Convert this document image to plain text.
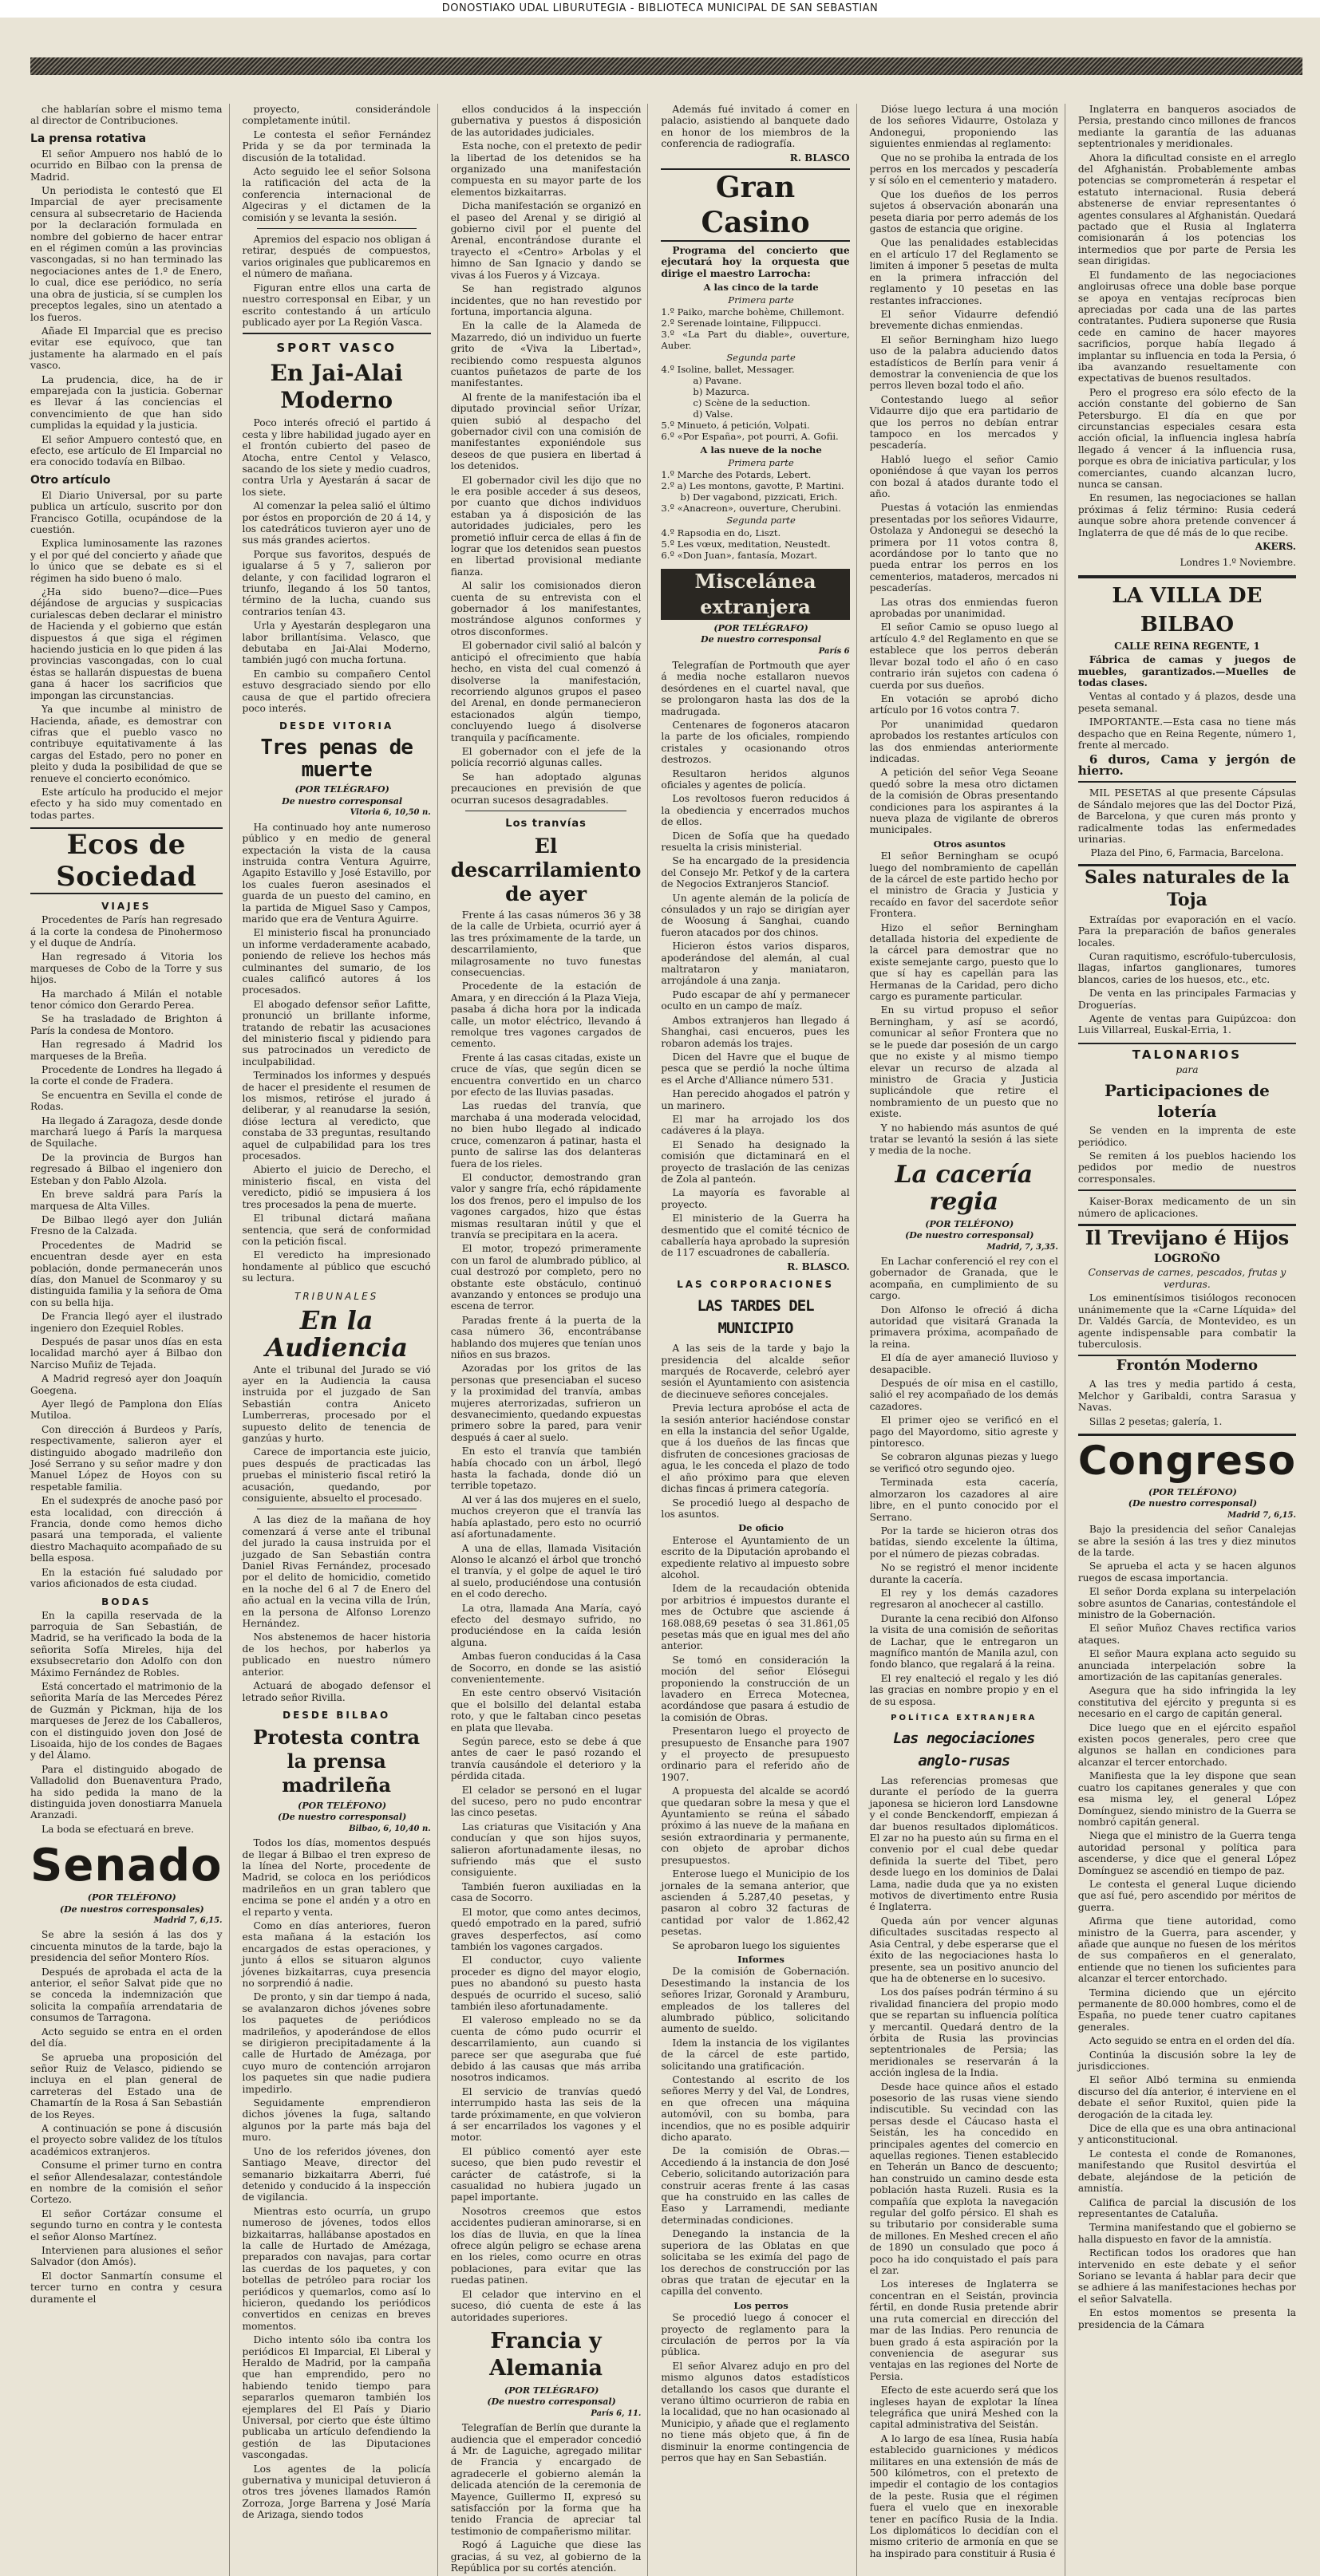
DONOSTIAKO UDAL LIBURUTEGIA - BIBLIOTECA MUNICIPAL DE SAN SEBASTIAN

che hablarían sobre el mismo tema al director de Contribuciones.

La prensa rotativa

El señor Ampuero nos habló de lo ocurrido en Bilbao con la prensa de Madrid.

Un periodista le contestó que El Imparcial de ayer precisamente censura al subsecretario de Hacienda por la declaración formulada en nombre del gobierno de hacer entrar en el régimen común a las provincias vascongadas, si no han terminado las negociaciones antes de 1.º de Enero, lo cual, dice ese periódico, no sería una obra de justicia, sí se cumplen los preceptos legales, sino un atentado a los fueros.

Añade El Imparcial que es preciso evitar ese equívoco, que tan justamente ha alarmado en el país vasco.

La prudencia, dice, ha de ir emparejada con la justicia. Gobernar es llevar á las conciencias el convencimiento de que han sido cumplidas la equidad y la justicia.

El señor Ampuero contestó que, en efecto, ese artículo de El Imparcial no era conocido todavía en Bilbao.

Otro artículo

El Diario Universal, por su parte publica un artículo, suscrito por don Francisco Gotilla, ocupándose de la cuestión.

Explica luminosamente las razones y el por qué del concierto y añade que lo único que se debate es si el régimen ha sido bueno ó malo.

¿Ha sido bueno?—dice—Pues déjándose de argucias y suspicacias curialescas deben declarar el ministro de Hacienda y el gobierno que están dispuestos á que siga el régimen haciendo justicia en lo que piden á las provincias vascongadas, con lo cual éstas se hallarán dispuestas de buena gana á hacer los sacrificios que impongan las circunstancias.

Ya que incumbe al ministro de Hacienda, añade, es demostrar con cifras que el pueblo vasco no contribuye equitativamente á las cargas del Estado, pero no poner en pleito y duda la posibilidad de que se renueve el concierto económico.

Este artículo ha producido el mejor efecto y ha sido muy comentado en todas partes.

Ecos de Sociedad
VIAJES

Procedentes de París han regresado á la corte la condesa de Pinohermoso y el duque de Andría.

Han regresado á Vitoria los marqueses de Cobo de la Torre y sus hijos.

Ha marchado á Milán el notable tenor cómico don Gerardo Perea.

Se ha trasladado de Brighton á París la condesa de Montoro.

Han regresado á Madrid los marqueses de la Breña.

Procedente de Londres ha llegado á la corte el conde de Fradera.

Se encuentra en Sevilla el conde de Rodas.

Ha llegado á Zaragoza, desde donde marchará luego á París la marquesa de Squilache.

De la provincia de Burgos han regresado á Bilbao el ingeniero don Esteban y don Pablo Alzola.

En breve saldrá para París la marquesa de Alta Villes.

De Bilbao llegó ayer don Julián Fresno de la Calzada.

Procedentes de Madrid se encuentran desde ayer en esta población, donde permanecerán unos días, don Manuel de Sconmaroy y su distinguida familia y la señora de Oma con su bella hija.

De Francia llegó ayer el ilustrado ingeniero don Ezequiel Robles.

Después de pasar unos días en esta localidad marchó ayer á Bilbao don Narciso Muñiz de Tejada.

A Madrid regresó ayer don Joaquín Goegena.

Ayer llegó de Pamplona don Elías Mutiloa.

Con dirección á Burdeos y París, respectivamente, salieron ayer el distinguido abogado madrileño don José Serrano y su señor madre y don Manuel López de Hoyos con su respetable familia.

En el sudexprés de anoche pasó por esta localidad, con dirección á Francia, donde como hemos dicho pasará una temporada, el valiente diestro Machaquito acompañado de su bella esposa.

En la estación fué saludado por varios aficionados de esta ciudad.

BODAS

En la capilla reservada de la parroquia de San Sebastián, de Madrid, se ha verificado la boda de la señorita Sofía Mireles, hija del exsubsecretario don Adolfo con don Máximo Fernández de Robles.

Está concertado el matrimonio de la señorita María de las Mercedes Pérez de Guzmán y Pickman, hija de los marqueses de Jerez de los Caballeros, con el distinguido joven don José de Lisoaida, hijo de los condes de Bagaes y del Álamo.

Para el distinguido abogado de Valladolid don Buenaventura Prado, ha sido pedida la mano de la distinguida joven donostiarra Manuela Aranzadi.

La boda se efectuará en breve.

Senado

(POR TELÉFONO)

(De nuestros corresponsales)

Madrid 7, 6,15.

Se abre la sesión á las dos y cincuenta minutos de la tarde, bajo la presidencia del señor Montero Ríos.

Después de aprobada el acta de la anterior, el señor Salvat pide que no se conceda la indemnización que solicita la compañía arrendataria de consumos de Tarragona.

Acto seguido se entra en el orden del día.

Se aprueba una proposición del señor Ruiz de Velasco, pidiendo se incluya en el plan general de carreteras del Estado una de Chamartín de la Rosa á San Sebastián de los Reyes.

A continuación se pone á discusión el proyecto sobre validez de los títulos académicos extranjeros.

Consume el primer turno en contra el señor Allendesalazar, contestándole en nombre de la comisión el señor Cortezo.

El señor Cortázar consume el segundo turno en contra y le contesta el señor Alonso Martínez.

Intervienen para alusiones el señor Salvador (don Amós).

El doctor Sanmartín consume el tercer turno en contra y cesura duramente el

proyecto, considerándole completamente inútil.

Le contesta el señor Fernández Prida y se da por terminada la discusión de la totalidad.

Acto seguido lee el señor Solsona la ratificación del acta de la conferencia internacional de Algeciras y el dictamen de la comisión y se levanta la sesión.

Apremios del espacio nos obligan á retirar, después de compuestos, varios originales que publicaremos en el número de mañana.

Figuran entre ellos una carta de nuestro corresponsal en Eibar, y un escrito contestando á un artículo publicado ayer por La Región Vasca.

SPORT VASCO
En Jai-Alai Moderno

Poco interés ofreció el partido á cesta y libre habilidad jugado ayer en el frontón cubierto del paseo de Atocha, entre Centol y Velasco, sacando de los siete y medio cuadros, contra Urla y Ayestarán á sacar de los siete.

Al comenzar la pelea salió el último por éstos en proporción de 20 á 14, y los catedráticos tuvieron ayer uno de sus más grandes aciertos.

Porque sus favoritos, después de igualarse á 5 y 7, salieron por delante, y con facilidad lograron el triunfo, llegando á los 50 tantos, término de la lucha, cuando sus contrarios tenían 43.

Urla y Ayestarán desplegaron una labor brillantísima. Velasco, que debutaba en Jai-Alai Moderno, también jugó con mucha fortuna.

En cambio su compañero Centol estuvo desgraciado siendo por ello causa de que el partido ofreciera poco interés.

DESDE VITORIA
Tres penas de muerte

(POR TELÉGRAFO)

De nuestro corresponsal

Vitoria 6, 10,50 n.

Ha continuado hoy ante numeroso público y en medio de general expectación la vista de la causa instruida contra Ventura Aguirre, Agapito Estavillo y José Estavillo, por los cuales fueron asesinados el guarda de un puesto del camino, en la partida de Miguel Saso y Campos, marido que era de Ventura Aguirre.

El ministerio fiscal ha pronunciado un informe verdaderamente acabado, poniendo de relieve los hechos más culminantes del sumario, de los cuales calificó autores á los procesados.

El abogado defensor señor Lafitte, pronunció un brillante informe, tratando de rebatir las acusaciones del ministerio fiscal y pidiendo para sus patrocinados un veredicto de inculpabilidad.

Terminados los informes y después de hacer el presidente el resumen de los mismos, retiróse el jurado á deliberar, y al reanudarse la sesión, dióse lectura al veredicto, que constaba de 33 preguntas, resultando aquel de culpabilidad para los tres procesados.

Abierto el juicio de Derecho, el ministerio fiscal, en vista del veredicto, pidió se impusiera á los tres procesados la pena de muerte.

El tribunal dictará mañana sentencia, que será de conformidad con la petición fiscal.

El veredicto ha impresionado hondamente al público que escuchó su lectura.

TRIBUNALES
En la Audiencia

Ante el tribunal del Jurado se vió ayer en la Audiencia la causa instruida por el juzgado de San Sebastián contra Aniceto Lumberreras, procesado por el supuesto delito de tenencia de ganzúas y hurto.

Carece de importancia este juicio, pues después de practicadas las pruebas el ministerio fiscal retiró la acusación, quedando, por consiguiente, absuelto el procesado.

A las diez de la mañana de hoy comenzará á verse ante el tribunal del jurado la causa instruida por el juzgado de San Sebastián contra Daniel Rivas Fernández, procesado por el delito de homicidio, cometido en la noche del 6 al 7 de Enero del año actual en la vecina villa de Irún, en la persona de Alfonso Lorenzo Hernández.

Nos abstenemos de hacer historia de los hechos, por haberlos ya publicado en nuestro número anterior.

Actuará de abogado defensor el letrado señor Rivilla.

DESDE BILBAO
Protesta contra la prensa madrileña

(POR TELÉFONO)

(De nuestro corresponsal)

Bilbao, 6, 10,40 n.

Todos los días, momentos después de llegar á Bilbao el tren expreso de la línea del Norte, procedente de Madrid, se coloca en los periódicos madrileños en un gran tablero que encima se pone el andén y a otro en el reparto y venta.

Como en días anteriores, fueron esta mañana á la estación los encargados de estas operaciones, y junto á ellos se situaron algunos jóvenes bizkaitarras, cuya presencia no sorprendió á nadie.

De pronto, y sin dar tiempo á nada, se avalanzaron dichos jóvenes sobre los paquetes de periódicos madrileños, y apoderándose de ellos se dirigieron precipitadamente á la calle de Hurtado de Amézaga, por cuyo muro de contención arrojaron los paquetes sin que nadie pudiera impedirlo.

Seguidamente emprendieron dichos jóvenes la fuga, saltando algunos por la parte más baja del muro.

Uno de los referidos jóvenes, don Santiago Meave, director del semanario bizkaitarra Aberri, fué detenido y conducido á la inspección de vigilancia.

Mientras esto ocurría, un grupo numeroso de jóvenes, todos ellos bizkaitarras, hallábanse apostados en la calle de Hurtado de Amézaga, preparados con navajas, para cortar las cuerdas de los paquetes, y con botellas de petróleo para rociar los periódicos y quemarlos, como así lo hicieron, quedando los periódicos convertidos en cenizas en breves momentos.

Dicho intento sólo iba contra los periódicos El Imparcial, El Liberal y Heraldo de Madrid, por la campaña que han emprendido, pero no habiendo tenido tiempo para separarlos quemaron también los ejemplares del El País y Diario Universal, por cierto que éste último publicaba un artículo defendiendo la gestión de las Diputaciones vascongadas.

Los agentes de la policía gubernativa y municipal detuvieron á otros tres jóvenes llamados Ramón Zorroza, Jorge Barrena y José María de Arizaga, siendo todos

ellos conducidos á la inspección gubernativa y puestos á disposición de las autoridades judiciales.

Esta noche, con el pretexto de pedir la libertad de los detenidos se ha organizado una manifestación compuesta en su mayor parte de los elementos bizkaitarras.

Dicha manifestación se organizó en el paseo del Arenal y se dirigió al gobierno civil por el puente del Arenal, encontrándose durante el trayecto el «Centro» Arbolas y el himno de San Ignacio y dando se vivas á los Fueros y á Vizcaya.

Se han registrado algunos incidentes, que no han revestido por fortuna, importancia alguna.

En la calle de la Alameda de Mazarredo, dió un individuo un fuerte grito de «Viva la Libertad», recibiendo como respuesta algunos cuantos puñetazos de parte de los manifestantes.

Al frente de la manifestación iba el diputado provincial señor Urízar, quien subió al despacho del gobernador civil con una comisión de manifestantes exponiéndole sus deseos de que pusiera en libertad á los detenidos.

El gobernador civil les dijo que no le era posible acceder á sus deseos, por cuanto que dichos individuos estaban ya á disposición de las autoridades judiciales, pero les prometió influir cerca de ellas á fin de lograr que los detenidos sean puestos en libertad provisional mediante fianza.

Al salir los comisionados dieron cuenta de su entrevista con el gobernador á los manifestantes, mostrándose algunos conformes y otros disconformes.

El gobernador civil salió al balcón y anticipó el ofrecimiento que había hecho, en vista del cual comenzó á disolverse la manifestación, recorriendo algunos grupos el paseo del Arenal, en donde permanecieron estacionados algún tiempo, concluyendo luego á disolverse tranquila y pacíficamente.

El gobernador con el jefe de la policía recorrió algunas calles.

Se han adoptado algunas precauciones en previsión de que ocurran sucesos desagradables.

Los tranvías
El descarrilamiento de ayer

Frente á las casas números 36 y 38 de la calle de Urbieta, ocurrió ayer á las tres próximamente de la tarde, un descarrilamiento, que milagrosamente no tuvo funestas consecuencias.

Procedente de la estación de Amara, y en dirección á la Plaza Vieja, pasaba á dicha hora por la indicada calle, un motor eléctrico, llevando á remolque tres vagones cargados de cemento.

Frente á las casas citadas, existe un cruce de vías, que según dicen se encuentra convertido en un charco por efecto de las lluvias pasadas.

Las ruedas del tranvía, que marchaba á una moderada velocidad, no bien hubo llegado al indicado cruce, comenzaron á patinar, hasta el punto de salirse las dos delanteras fuera de los rieles.

El conductor, demostrando gran valor y sangre fría, echó rápidamente los dos frenos, pero el impulso de los vagones cargados, hizo que éstas mismas resultaran inútil y que el tranvía se precipitara en la acera.

El motor, tropezó primeramente con un farol de alumbrado público, al cual destrozó por completo, pero no obstante este obstáculo, continuó avanzando y entonces se produjo una escena de terror.

Paradas frente á la puerta de la casa número 36, encontrábanse hablando dos mujeres que tenían unos niños en sus brazos.

Azoradas por los gritos de las personas que presenciaban el suceso y la proximidad del tranvía, ambas mujeres aterrorizadas, sufrieron un desvanecimiento, quedando expuestas primero sobre la pared, para venir después á caer al suelo.

En esto el tranvía que también había chocado con un árbol, llegó hasta la fachada, donde dió un terrible topetazo.

Al ver á las dos mujeres en el suelo, muchos creyeron que el tranvía las había aplastado, pero esto no ocurrió así afortunadamente.

A una de ellas, llamada Visitación Alonso le alcanzó el árbol que tronchó el tranvía, y el golpe de aquel le tiró al suelo, produciéndose una contusión en el codo derecho.

La otra, llamada Ana María, cayó efecto del desmayo sufrido, no produciéndose en la caída lesión alguna.

Ambas fueron conducidas á la Casa de Socorro, en donde se las asistió convenientemente.

En este centro observó Visitación que el bolsillo del delantal estaba roto, y que le faltaban cinco pesetas en plata que llevaba.

Según parece, esto se debe á que antes de caer le pasó rozando el tranvía causándole el deterioro y la pérdida citada.

El celador se personó en el lugar del suceso, pero no pudo encontrar las cinco pesetas.

Las criaturas que Visitación y Ana conducían y que son hijos suyos, salieron afortunadamente ilesas, no sufriendo más que el susto consiguiente.

También fueron auxiliadas en la casa de Socorro.

El motor, que como antes decimos, quedó empotrado en la pared, sufrió graves desperfectos, así como también los vagones cargados.

El conductor, cuyo valiente proceder es digno del mayor elogio, pues no abandonó su puesto hasta después de ocurrido el suceso, salió también ileso afortunadamente.

El valeroso empleado no se da cuenta de cómo pudo ocurrir el descarrilamiento, aun cuando si parece ser que aseguraba que fué debido á las causas que más arriba nosotros indicamos.

El servicio de tranvías quedó interrumpido hasta las seis de la tarde próximamente, en que volvieron á ser encarrilados los vagones y el motor.

El público comentó ayer este suceso, que bien pudo revestir el carácter de catástrofe, si la casualidad no hubiera jugado un papel importante.

Nosotros creemos que estos accidentes pudieran aminorarse, si en los días de lluvia, en que la línea ofrece algún peligro se echase arena en los rieles, como ocurre en otras poblaciones, para evitar que las ruedas patinen.

El celador que intervino en el suceso, dió cuenta de este á las autoridades superiores.

Francia y Alemania

(POR TELÉGRAFO)

(De nuestro corresponsal)

París 6, 11.

Telegrafían de Berlín que durante la audiencia que el emperador concedió á Mr. de Laguiche, agregado militar de Francia y encargado de agradecerle el gobierno alemán la delicada atención de la ceremonia de Mayence, Guillermo II, expresó su satisfacción por la forma que ha tenido Francia de apreciar tal testimonio de compañerismo militar.

Rogó á Laguiche que diese las gracias, á su vez, al gobierno de la República por su cortés atención.

Además fué invitado á comer en palacio, asistiendo al banquete dado en honor de los miembros de la conferencia de radiografía.

R. BLASCO

Gran Casino

Programa del concierto que ejecutará hoy la orquesta que dirige el maestro Larrocha:

A las cinco de la tarde

Primera parte

1.º Paiko, marche bohème, Chillemont.

2.º Serenade lointaine, Filippucci.

3.º «La Part du diable», ouverture, Auber.

Segunda parte

4.º Isoline, ballet, Messager.

a) Pavane.

b) Mazurca.

c) Scène de la seduction.

d) Valse.

5.º Minueto, á petición, Volpati.

6.º «Por España», pot pourri, A. Gofii.

A las nueve de la noche

Primera parte

1.º Marche des Potards, Lebert.

2.º a) Les montons, gavotte, P. Martini.

b) Der vagabond, pizzicati, Erich.

3.º «Anacreon», ouverture, Cherubini.

Segunda parte

4.º Rapsodia en do, Liszt.

5.º Les vœux, meditation, Neustedt.

6.º «Don Juan», fantasía, Mozart.

Miscelánea extranjera

(POR TELÉGRAFO)

De nuestro corresponsal

París 6

Telegrafían de Portmouth que ayer á media noche estallaron nuevos desórdenes en el cuartel naval, que se prolongaron hasta las dos de la madrugada.

Centenares de fogoneros atacaron la parte de los oficiales, rompiendo cristales y ocasionando otros destrozos.

Resultaron heridos algunos oficiales y agentes de policía.

Los revoltosos fueron reducidos á la obediencia y encerrados muchos de ellos.

Dicen de Sofía que ha quedado resuelta la crisis ministerial.

Se ha encargado de la presidencia del Consejo Mr. Petkof y de la cartera de Negocios Extranjeros Stanciof.

Un agente alemán de la policía de cónsulados y un rajo se dirigían ayer de Woosung á Sanghai, cuando fueron atacados por dos chinos.

Hicieron éstos varios disparos, apoderándose del alemán, al cual maltrataron y maniataron, arrojándole á una zanja.

Pudo escapar de ahí y permanecer oculto en un campo de maíz.

Ambos extranjeros han llegado á Shanghai, casi encueros, pues les robaron además los trajes.

Dicen del Havre que el buque de pesca que se perdió la noche última es el Arche d'Alliance número 531.

Han perecido ahogados el patrón y un marinero.

El mar ha arrojado los dos cadáveres á la playa.

El Senado ha designado la comisión que dictaminará en el proyecto de traslación de las cenizas de Zola al panteón.

La mayoría es favorable al proyecto.

El ministerio de la Guerra ha desmentido que el comité técnico de caballería haya aprobado la supresión de 117 escuadrones de caballería.

R. BLASCO.

LAS CORPORACIONES
LAS TARDES DEL MUNICIPIO

A las seis de la tarde y bajo la presidencia del alcalde señor marqués de Rocaverde, celebró ayer sesión el Ayuntamiento con asistencia de diecinueve señores concejales.

Previa lectura aprobóse el acta de la sesión anterior haciéndose constar en ella la instancia del señor Ugalde, que á los dueños de las fincas que disfruten de concesiones graciosas de agua, le les conceda el plazo de todo el año próximo para que eleven dichas fincas á primera categoría.

Se procedió luego al despacho de los asuntos.

De oficio

Enterose el Ayuntamiento de un escrito de la Diputación aprobando el expediente relativo al impuesto sobre alcohol.

Idem de la recaudación obtenida por arbitrios é impuestos durante el mes de Octubre que asciende á 168.088,69 pesetas ó sea 31.861,05 pesetas más que en igual mes del año anterior.

Se tomó en consideración la moción del señor Elósegui proponiendo la construcción de un lavadero en Erreca Motecnea, acordándose que pasara á estudio de la comisión de Obras.

Presentaron luego el proyecto de presupuesto de Ensanche para 1907 y el proyecto de presupuesto ordinario para el referido año de 1907.

A propuesta del alcalde se acordó que quedaran sobre la mesa y que el Ayuntamiento se reúna el sábado próximo á las nueve de la mañana en sesión extraordinaria y permanente, con objeto de aprobar dichos presupuestos.

Enterose luego el Municipio de los jornales de la semana anterior, que ascienden á 5.287,40 pesetas, y pasaron al cobro 32 facturas de cantidad por valor de 1.862,42 pesetas.

Se aprobaron luego los siguientes

Informes

De la comisión de Gobernación. Desestimando la instancia de los señores Irizar, Goronald y Aramburu, empleados de los talleres del alumbrado público, solicitando aumento de sueldo.

Idem la instancia de los vigilantes de la cárcel de este partido, solicitando una gratificación.

Contestando al escrito de los señores Merry y del Val, de Londres, en que ofrecen una máquina automóvil, con su bomba, para incendios, que no es posible adquirir dicho aparato.

De la comisión de Obras.—Accediendo á la instancia de don José Ceberio, solicitando autorización para construir aceras frente á las casas que ha construido en las calles de Easo y Larramendi, mediante determinadas condiciones.

Denegando la instancia de la superiora de las Oblatas en que solicitaba se les eximía del pago de los derechos de construcción por las obras que tratan de ejecutar en la capilla del convento.

Los perros

Se procedió luego á conocer el proyecto de reglamento para la circulación de perros por la vía pública.

El señor Alvarez adujo en pro del mismo algunos datos estadísticos detallando los casos que durante el verano último ocurrieron de rabia en la localidad, que no han ocasionado al Municipio, y añade que el reglamento no tiene más objeto que, á fin de disminuir la enorme contingencia de perros que hay en San Sebastián.

Dióse luego lectura á una moción de los señores Vidaurre, Ostolaza y Andonegui, proponiendo las siguientes enmiendas al reglamento:

Que no se prohiba la entrada de los perros en los mercados y pescadería y sí sólo en el cementerio y matadero.

Que los dueños de los perros sujetos á observación abonarán una peseta diaria por perro además de los gastos de estancia que origine.

Que las penalidades establecidas en el artículo 17 del Reglamento se limiten á imponer 5 pesetas de multa en la primera infracción del reglamento y 10 pesetas en las restantes infracciones.

El señor Vidaurre defendió brevemente dichas enmiendas.

El señor Berningham hizo luego uso de la palabra aduciendo datos estadísticos de Berlín para venir á demostrar la conveniencia de que los perros lleven bozal todo el año.

Contestando luego al señor Vidaurre dijo que era partidario de que los perros no debían entrar tampoco en los mercados y pescadería.

Habló luego el señor Camio oponiéndose á que vayan los perros con bozal á atados durante todo el año.

Puestas á votación las enmiendas presentadas por los señores Vidaurre, Ostolaza y Andonegui se desechó la primera por 11 votos contra 8, acordándose por lo tanto que no pueda entrar los perros en los cementerios, mataderos, mercados ni pescaderías.

Las otras dos enmiendas fueron aprobadas por unanimidad.

El señor Camio se opuso luego al artículo 4.º del Reglamento en que se establece que los perros deberán llevar bozal todo el año ó en caso contrario irán sujetos con cadena ó cuerda por sus dueños.

En votación se aprobó dicho artículo por 16 votos contra 7.

Por unanimidad quedaron aprobados los restantes artículos con las dos enmiendas anteriormente indicadas.

A petición del señor Vega Seoane quedó sobre la mesa otro dictamen de la comisión de Obras presentando condiciones para los aspirantes á la nueva plaza de vigilante de obreros municipales.

Otros asuntos

El señor Berningham se ocupó luego del nombramiento de capellán de la cárcel de este partido hecho por el ministro de Gracia y Justicia y recaído en favor del sacerdote señor Frontera.

Hizo el señor Berningham detallada historia del expediente de la cárcel para demostrar que no existe semejante cargo, puesto que lo que sí hay es capellán para las Hermanas de la Caridad, pero dicho cargo es puramente particular.

En su virtud propuso el señor Berningham, y así se acordó, comunicar al señor Frontera que no se le puede dar posesión de un cargo que no existe y al mismo tiempo elevar un recurso de alzada al ministro de Gracia y Justicia suplicándole que retire el nombramiento de un puesto que no existe.

Y no habiendo más asuntos de qué tratar se levantó la sesión á las siete y media de la noche.

La cacería regia

(POR TELÉFONO)

(De nuestro corresponsal)

Madrid, 7, 3,35.

En Lachar conferenció el rey con el gobernador de Granada, que le acompaña, en cumplimiento de su cargo.

Don Alfonso le ofreció á dicha autoridad que visitará Granada la primavera próxima, acompañado de la reina.

El día de ayer amaneció lluvioso y desapacible.

Después de oír misa en el castillo, salió el rey acompañado de los demás cazadores.

El primer ojeo se verificó en el pago del Mayordomo, sitio agreste y pintoresco.

Se cobraron algunas piezas y luego se verificó otro segundo ojeo.

Terminada esta cacería, almorzaron los cazadores al aire libre, en el punto conocido por el Serrano.

Por la tarde se hicieron otras dos batidas, siendo excelente la última, por el número de piezas cobradas.

No se registró el menor incidente durante la cacería.

El rey y los demás cazadores regresaron al anochecer al castillo.

Durante la cena recibió don Alfonso la visita de una comisión de señoritas de Lachar, que le entregaron un magnífico mantón de Manila azul, con fondo blanco, que regalará á la reina.

El rey enalteció el regalo y les dió las gracias en nombre propio y en el de su esposa.

POLÍTICA EXTRANJERA
Las negociaciones anglo-rusas

Las referencias promesas que durante el período de la guerra japonesa se hicieron lord Lansdowne y el conde Benckendorff, empiezan á dar buenos resultados diplomáticos. El zar no ha puesto aún su firma en el convenio por el cual debe quedar definida la suerte del Tibet, pero desde luego en los dominios de Dalai Lama, nadie duda que ya no existen motivos de divertimento entre Rusia é Inglaterra.

Queda aún por vencer algunas dificultades suscitadas respecto al Asia Central, y debe esperarse que el éxito de las negociaciones hasta lo presente, sea un positivo anuncio del que ha de obtenerse en lo sucesivo.

Los dos países podrán término á su rivalidad financiera del propio modo que se repartan su influencia política y mercantil. Quedará dentro de la órbita de Rusia las provincias septentrionales de Persia; las meridionales se reservarán á la acción inglesa de la India.

Desde hace quince años el estado posesorio de las rusas viene siendo indiscutible. Su vecindad con las persas desde el Cáucaso hasta el Seistán, les ha concedido en principales agentes del comercio en aquellas regiones. Tienen establecido en Teherán un Banco de descuento; han construido un camino desde esta población hasta Ruzeli. Rusia es la compañía que explota la navegación regular del golfo pérsico. El shah es su tributario por considerable suma de millones. En Meshed crecen el año de 1890 un consulado que poco á poco ha ido conquistado el país para el zar.

Los intereses de Inglaterra se concentran en el Seistán, provincia fértil, en donde Rusia pretende abrir una ruta comercial en dirección del mar de las Indias. Pero renuncia de buen grado á esta aspiración por la conveniencia de asegurar sus ventajas en las regiones del Norte de Persia.

Efecto de este acuerdo será que los ingleses hayan de explotar la línea telegráfica que unirá Meshed con la capital administrativa del Seistán.

A lo largo de esa línea, Rusia había establecido guarniciones y médicos militares en una extensión de más de 500 kilómetros, con el pretexto de impedir el contagio de los contagios de la peste. Rusia que el régimen fuera el vuelo que en inexorable tener en pacífico Rusia de la India. Los diplomáticos lo decidían con el mismo criterio de armonía en que se ha inspirado para constituir á Rusia é

Inglaterra en banqueros asociados de Persia, prestando cinco millones de francos mediante la garantía de las aduanas septentrionales y meridionales.

Ahora la dificultad consiste en el arreglo del Afghanistán. Probablemente ambas potencias se comprometerán á respetar el estatuto internacional. Rusia deberá abstenerse de enviar representantes ó agentes consulares al Afghanistán. Quedará pactado que el Rusia al Inglaterra comisionarán á los potencias los intermedios que por parte de Persia les sean dirigidas.

El fundamento de las negociaciones angloirusas ofrece una doble base porque se apoya en ventajas recíprocas bien apreciadas por cada una de las partes contratantes. Pudiera suponerse que Rusia cede en camino de hacer mayores sacrificios, porque había llegado á implantar su influencia en toda la Persia, ó iba avanzando resueltamente con expectativas de buenos resultados.

Pero el progreso era sólo efecto de la acción constante del gobierno de San Petersburgo. El día en que por circunstancias especiales cesara esta acción oficial, la influencia inglesa habría llegado á vencer á la influencia rusa, porque es obra de iniciativa particular, y los comerciantes, cuando alcanzan lucro, nunca se cansan.

En resumen, las negociaciones se hallan próximas á feliz término: Rusia cederá aunque sobre ahora pretende convencer á Inglaterra de que dé más de lo que recibe.

AKERS.

Londres 1.º Noviembre.

LA VILLA DE BILBAO

CALLE REINA REGENTE, 1

Fábrica de camas y juegos de muebles, garantizados.—Muelles de todas clases.

Ventas al contado y á plazos, desde una peseta semanal.

IMPORTANTE.—Esta casa no tiene más despacho que en Reina Regente, número 1, frente al mercado.

6 duros, Cama y jergón de hierro.

MIL PESETAS al que presente Cápsulas de Sándalo mejores que las del Doctor Pizá, de Barcelona, y que curen más pronto y radicalmente todas las enfermedades urinarias.

Plaza del Pino, 6, Farmacia, Barcelona.

Sales naturales de la Toja

Extraídas por evaporación en el vacío. Para la preparación de baños generales locales.

Curan raquitismo, escrófulo-tuberculosis, llagas, infartos ganglionares, tumores blancos, caries de los huesos, etc., etc.

De venta en las principales Farmacias y Droguerías.

Agente de ventas para Guipúzcoa: don Luis Villarreal, Euskal-Erria, 1.

TALONARIOS

para

Participaciones de lotería

Se venden en la imprenta de este periódico.

Se remiten á los pueblos haciendo los pedidos por medio de nuestros corresponsales.

Kaiser-Borax medicamento de un sin número de aplicaciones.

Il Trevijano é Hijos

LOGROÑO

Conservas de carnes, pescados, frutas y verduras.

Los eminentísimos tisiólogos reconocen unánimemente que la «Carne Líquida» del Dr. Valdés García, de Montevideo, es un agente indispensable para combatir la tuberculosis.

Frontón Moderno

A las tres y media partido á cesta, Melchor y Garibaldi, contra Sarasua y Navas.

Sillas 2 pesetas; galería, 1.

Congreso

(POR TELÉFONO)

(De nuestro corresponsal)

Madrid 7, 6,15.

Bajo la presidencia del señor Canalejas se abre la sesión á las tres y diez minutos de la tarde.

Se aprueba el acta y se hacen algunos ruegos de escasa importancia.

El señor Dorda explana su interpelación sobre asuntos de Canarias, contestándole el ministro de la Gobernación.

El señor Muñoz Chaves rectifica varios ataques.

El señor Maura explana acto seguido su anunciada interpelación sobre la amortización de las capitanías generales.

Asegura que ha sido infringida la ley constitutiva del ejército y pregunta si es necesario en el cargo de capitán general.

Dice luego que en el ejército español existen pocos generales, pero cree que algunos se hallan en condiciones para alcanzar el tercer entorchado.

Manifiesta que la ley dispone que sean cuatro los capitanes generales y que con esa misma ley, el general López Domínguez, siendo ministro de la Guerra se nombró capitán general.

Niega que el ministro de la Guerra tenga autoridad personal y política para ascenderse, y dice que el general López Domínguez se ascendió en tiempo de paz.

Le contesta el general Luque diciendo que así fué, pero ascendido por méritos de guerra.

Afirma que tiene autoridad, como ministro de la Guerra, para ascender, y añade que aunque no fuesen de los méritos de sus compañeros en el generalato, entiende que no tienen los suficientes para alcanzar el tercer entorchado.

Termina diciendo que un ejército permanente de 80.000 hombres, como el de España, no puede tener cuatro capitanes generales.

Acto seguido se entra en el orden del día.

Continúa la discusión sobre la ley de jurisdicciones.

El señor Albó termina su enmienda discurso del día anterior, é interviene en el debate el señor Ruxitol, quien pide la derogación de la citada ley.

Dice de ella que es una obra antinacional y anticonstitucional.

Le contesta el conde de Romanones, manifestando que Rusitol desvirtúa el debate, alejándose de la petición de amnistía.

Califica de parcial la discusión de los representantes de Cataluña.

Termina manifestando que el gobierno se halla dispuesto en favor de la amnistía.

Rectifican todos los oradores que han intervenido en este debate y el señor Soriano se levanta á hablar para decir que se adhiere á las manifestaciones hechas por el señor Salvatella.

En estos momentos se presenta la presidencia de la Cámara
